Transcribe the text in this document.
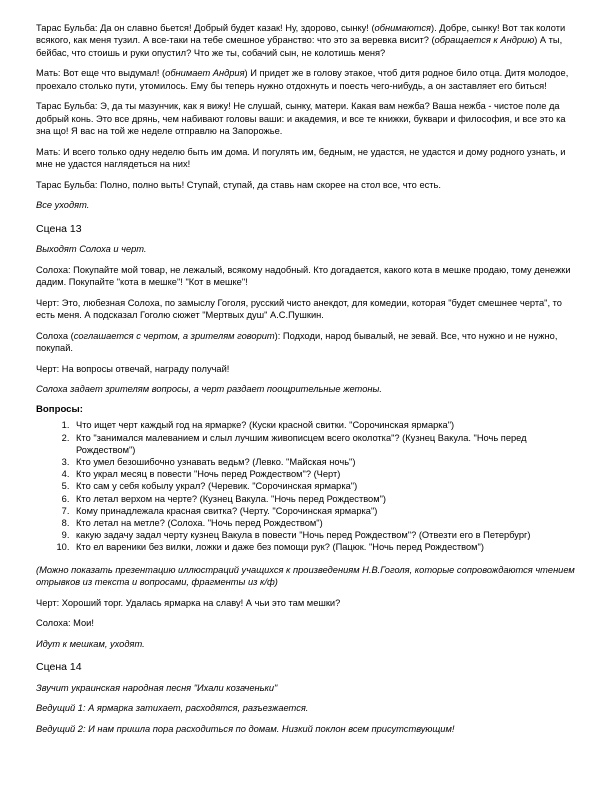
Тарас Бульба: Да он славно бьется! Добрый будет казак! Ну, здорово, сынку! (обнимаются). Добре, сынку! Вот так колоти всякого, как меня тузил. А все-таки на тебе смешное убранство: что это за веревка висит? (обращается к Андрию) А ты, бейбас, что стоишь и руки опустил? Что же ты, собачий сын, не колотишь меня?

Мать: Вот еще что выдумал! (обнимает Андрия) И придет же в голову этакое, чтоб дитя родное било отца. Дитя молодое, проехало столько пути, утомилось. Ему бы теперь нужно отдохнуть и поесть чего-нибудь, а он заставляет его биться!

Тарас Бульба: Э, да ты мазунчик, как я вижу! Не слушай, сынку, матери. Какая вам нежба? Ваша нежба - чистое поле да добрый конь. Это все дрянь, чем набивают головы ваши: и академия, и все те книжки, буквари и философия, и все это ка зна що! Я вас на той же неделе отправлю на Запорожье.

Мать: И всего только одну неделю быть им дома. И погулять им, бедным, не удастся, не удастся и дому родного узнать, и мне не удастся наглядеться на них!

Тарас Бульба: Полно, полно выть! Ступай, ступай, да ставь нам скорее на стол все, что есть.

Все уходят.

Сцена 13

Выходят Солоха и черт.

Солоха: Покупайте мой товар, не лежалый, всякому надобный. Кто догадается, какого кота в мешке продаю, тому денежки дадим. Покупайте "кота в мешке"! "Кот в мешке"!

Черт: Это, любезная Солоха, по замыслу Гоголя, русский чисто анекдот, для комедии, которая "будет смешнее черта", то есть меня. А подсказал Гоголю сюжет "Мертвых душ" А.С.Пушкин.

Солоха (соглашается с чертом, а зрителям говорит): Подходи, народ бывалый, не зевай. Все, что нужно и не нужно, покупай.

Черт: На вопросы отвечай, награду получай!

Солоха задает зрителям вопросы, а черт раздает поощрительные жетоны.

Вопросы:
1. Что ищет черт каждый год на ярмарке? (Куски красной свитки. "Сорочинская ярмарка")
2. Кто "занимался малеванием и слыл лучшим живописцем всего околотка"? (Кузнец Вакула. "Ночь перед Рождеством")
3. Кто умел безошибочно узнавать ведьм? (Левко. "Майская ночь")
4. Кто украл месяц в повести "Ночь перед Рождеством"? (Черт)
5. Кто сам у себя кобылу украл? (Черевик. "Сорочинская ярмарка")
6. Кто летал верхом на черте? (Кузнец Вакула. "Ночь перед Рождеством")
7. Кому принадлежала красная свитка? (Черту. "Сорочинская ярмарка")
8. Кто летал на метле? (Солоха. "Ночь перед Рождеством")
9. какую задачу задал черту кузнец Вакула в повести "Ночь перед Рождеством"? (Отвезти его в Петербург)
10. Кто ел вареники без вилки, ложки и даже без помощи рук? (Пацюк. "Ночь перед Рождеством")

(Можно показать презентацию иллюстраций учащихся к произведениям Н.В.Гоголя, которые сопровождаются чтением отрывков из текста и вопросами, фрагменты из к/ф)

Черт: Хороший торг. Удалась ярмарка на славу! А чьи это там мешки?

Солоха: Мои!

Идут к мешкам, уходят.

Сцена 14

Звучит украинская народная песня "Ихали козаченьки"

Ведущий 1: А ярмарка затихает, расходятся, разъезжается.

Ведущий 2: И нам пришла пора расходиться по домам. Низкий поклон всем присутствующим!
